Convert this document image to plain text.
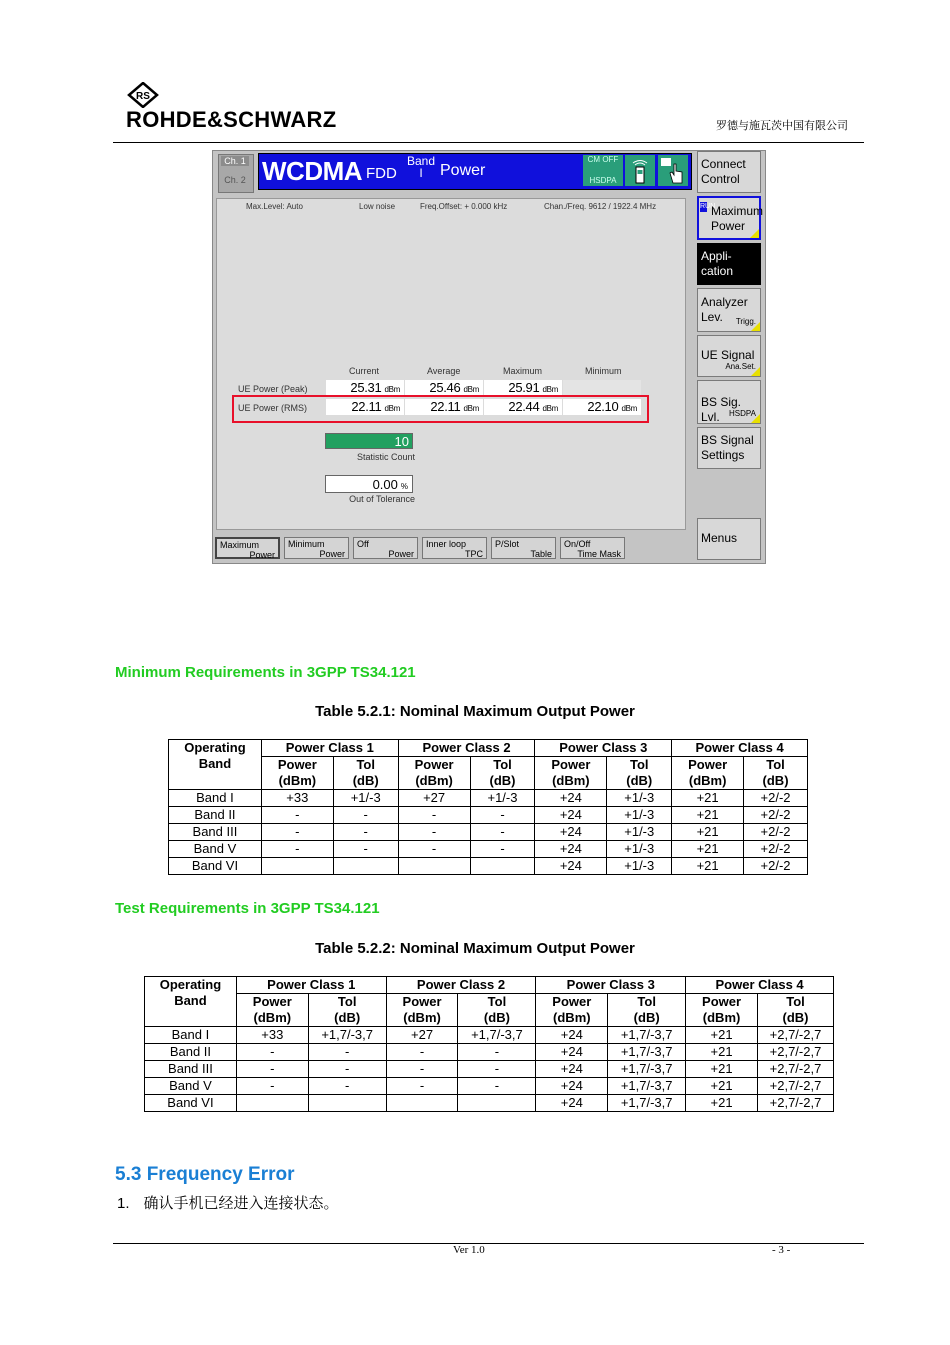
RS
ROHDE&SCHWARZ	罗德与施瓦茨中国有限公司
Ch. 1
Ch. 2 WCDMA FDD
Band
I	Power
CM OFF
HSDPA
Connect
Control
RUN
Maximum
Power
Appli-
cation
Analyzer
Lev. Trigg.
UE Signal
Ana.Set.
BS Sig. Lvl. HSDPA
BS Signal
Settings
Menus
Max.Level: Auto	Low noise	Freq.Offset: + 0.000 kHz	Chan./Freq. 9612 / 1922.4 MHz
Current	Average	Maximum	Minimum
UE Power (Peak)	25.31 dBm	25.46 dBm	25.91 dBm
UE Power (RMS)	22.11 dBm	22.11 dBm	22.44 dBm	22.10 dBm
10
Statistic Count
0.00 %
Out of Tolerance
Maximum
Power
Minimum
Power
Off
Power
Inner loop
TPC
P/Slot
Table
On/Off
Time Mask
Minimum Requirements in 3GPP TS34.121
Table 5.2.1: Nominal Maximum Output Power
Operating
Band	Power Class 1		Power Class 2		Power Class 3		Power Class 4	
	Power	Tol	Power	Tol	Power	Tol	Power	Tol
	(dBm)	(dB)	(dBm)	(dB)	(dBm)	(dB)	(dBm)	(dB)
Band I	+33	+1/-3	+27	+1/-3	+24	+1/-3	+21	+2/-2
Band II	-	-	-	-	+24	+1/-3	+21	+2/-2
Band III	-	-	-	-	+24	+1/-3	+21	+2/-2
Band V	-	-	-	-	+24	+1/-3	+21	+2/-2
Band VI					+24	+1/-3	+21	+2/-2
Test Requirements in 3GPP TS34.121
Table 5.2.2: Nominal Maximum Output Power
Operating
Band	Power Class 1		Power Class 2		Power Class 3		Power Class 4	
	Power	Tol	Power	Tol	Power	Tol	Power	Tol
	(dBm)	(dB)	(dBm)	(dB)	(dBm)	(dB)	(dBm)	(dB)
Band I	+33	+1,7/-3,7	+27	+1,7/-3,7	+24	+1,7/-3,7	+21	+2,7/-2,7
Band II	-	-	-	-	+24	+1,7/-3,7	+21	+2,7/-2,7
Band III	-	-	-	-	+24	+1,7/-3,7	+21	+2,7/-2,7
Band V	-	-	-	-	+24	+1,7/-3,7	+21	+2,7/-2,7
Band VI					+24	+1,7/-3,7	+21	+2,7/-2,7
5.3 Frequency Error
1. 确认手机已经进入连接状态。
Ver 1.0	- 3 -
